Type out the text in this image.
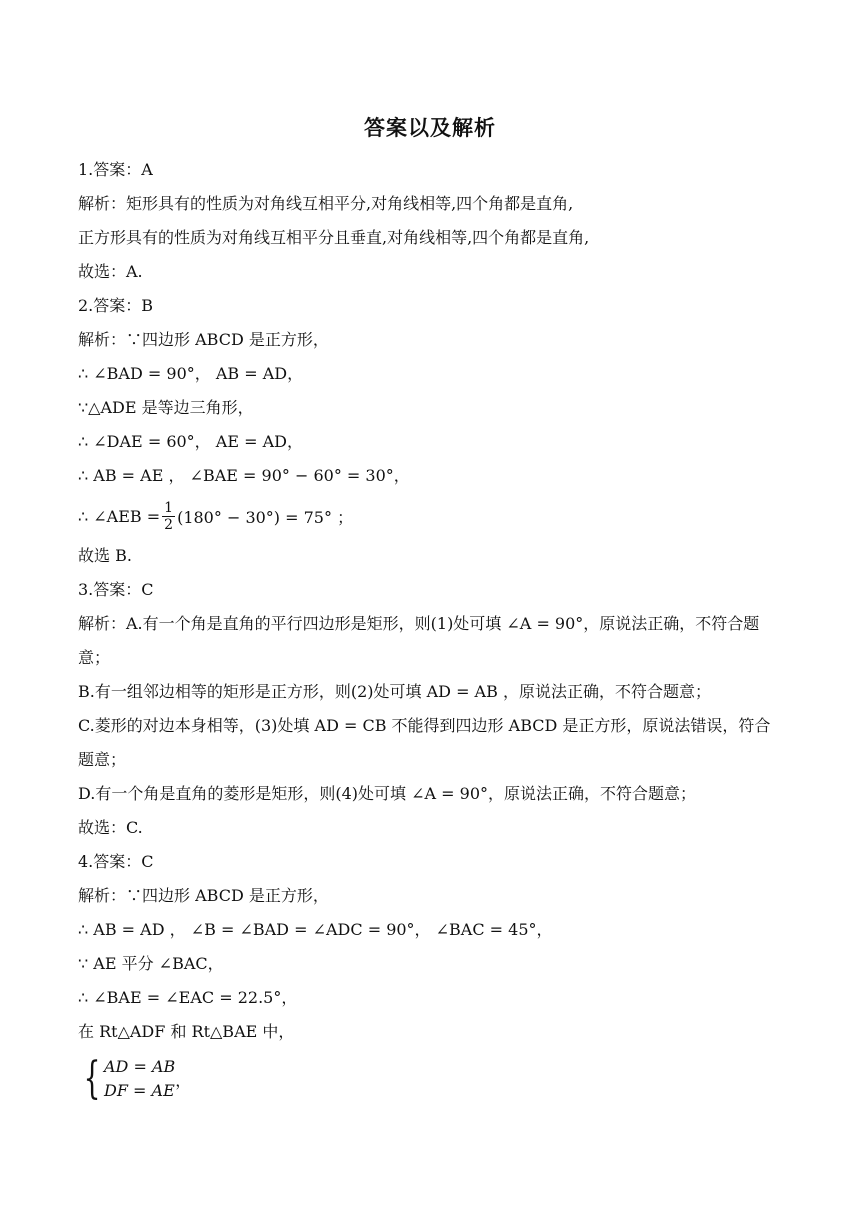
答案以及解析
1.答案：A
解析：矩形具有的性质为对角线互相平分,对角线相等,四个角都是直角,
正方形具有的性质为对角线互相平分且垂直,对角线相等,四个角都是直角,
故选：A.
2.答案：B
解析：∵四边形 ABCD 是正方形，
∴ ∠BAD = 90°， AB = AD，
∵△ADE 是等边三角形，
∴ ∠DAE = 60°， AE = AD，
∴ AB = AE ， ∠BAE = 90° − 60° = 30°，
∴ ∠AEB = $\frac{1}{2} (180^\circ - 30^\circ) = 75^\circ$ ；
故选 B.
3.答案：C
解析：A.有一个角是直角的平行四边形是矩形，则(1)处可填 ∠A = 90°，原说法正确，不符合题意；
B.有一组邻边相等的矩形是正方形，则(2)处可填 AD = AB ，原说法正确，不符合题意；
C.菱形的对边本身相等，(3)处填 AD = CB 不能得到四边形 ABCD 是正方形，原说法错误，符合题意；
D.有一个角是直角的菱形是矩形，则(4)处可填 ∠A = 90°，原说法正确，不符合题意；
故选：C.
4.答案：C
解析：∵四边形 ABCD 是正方形，
∴ AB = AD ， ∠B = ∠BAD = ∠ADC = 90°， ∠BAC = 45°，
∵ AE 平分 ∠BAC，
∴ ∠BAE = ∠EAC = 22.5°，
在 Rt△ADF 和 Rt△BAE 中，
{ AD = AB
DF = AE
，
